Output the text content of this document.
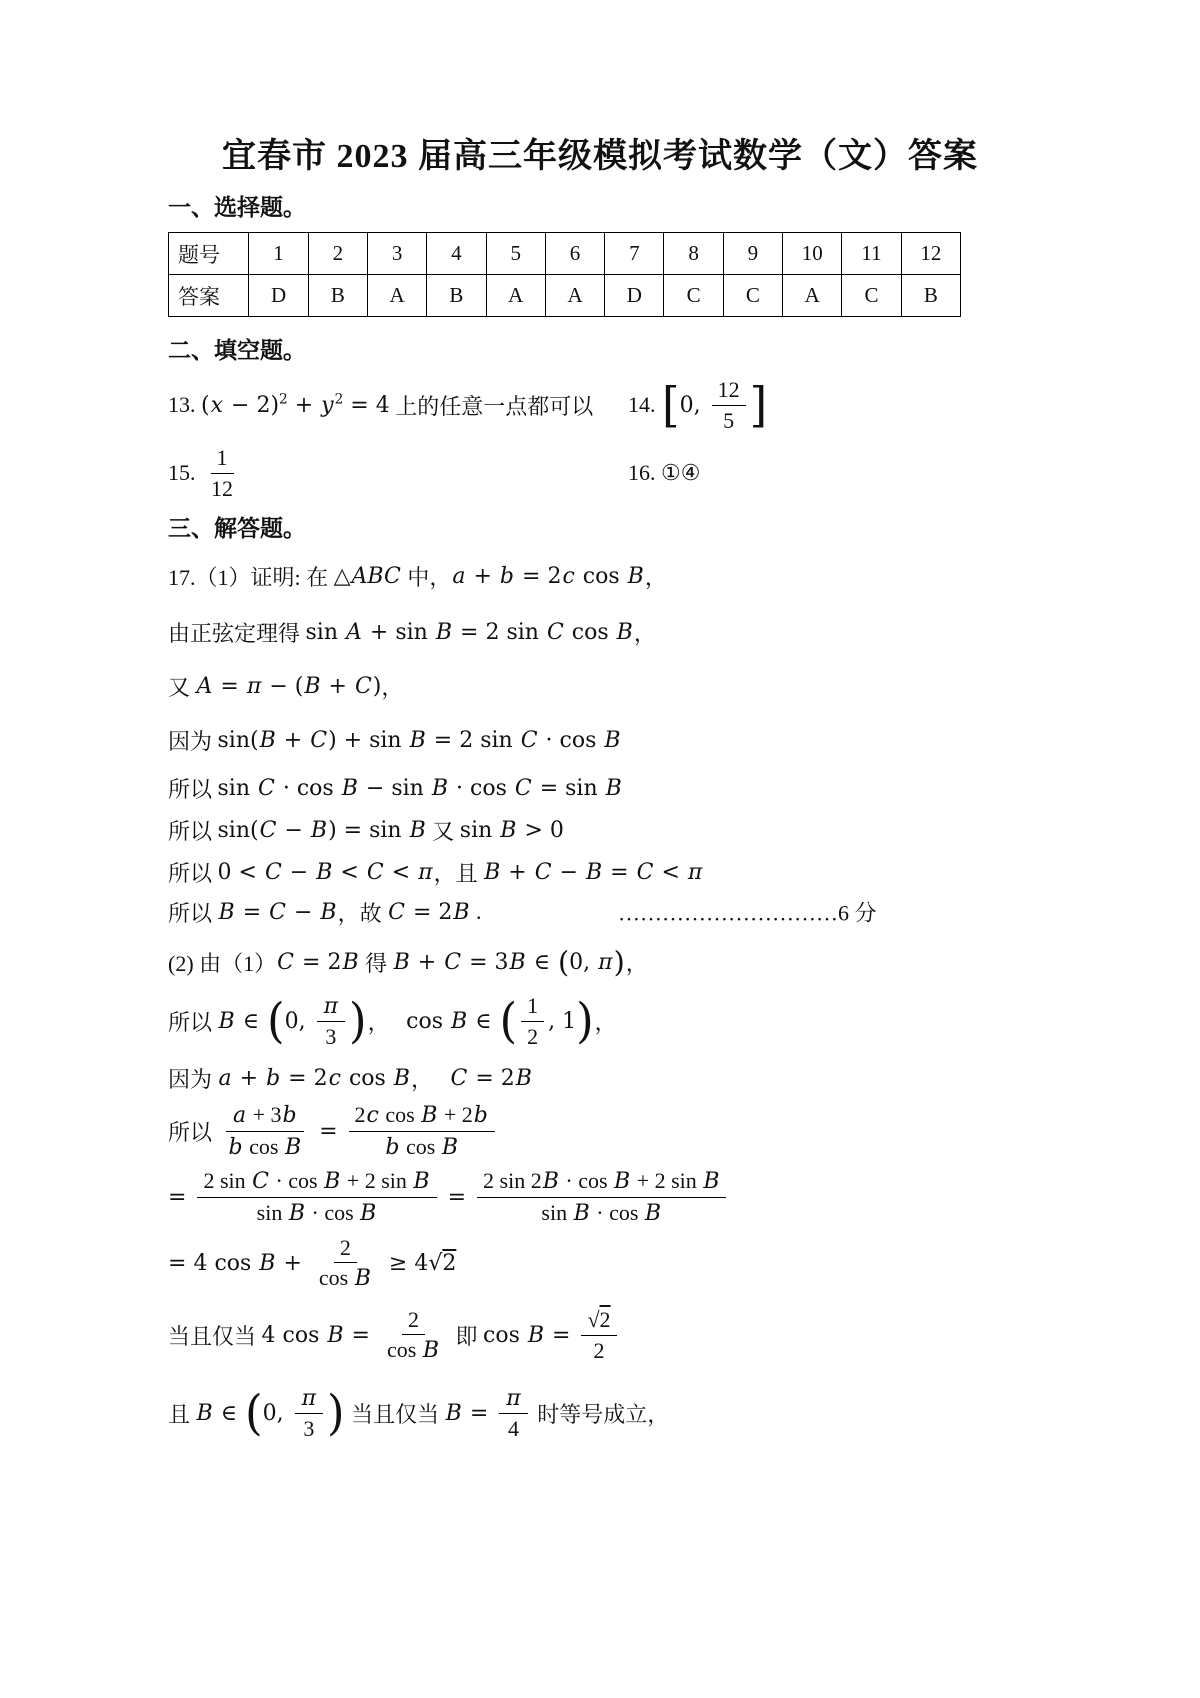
宜春市 2023 届高三年级模拟考试数学（文）答案
一、选择题。
题号	1	2	3	4	5	6	7	8	9	10	11	12
答案	D	B	A	B	A	A	D	C	C	A	C	B
二、填空题。
13. $(x - 2)^2 + y^2 = 4$ 上的任意一点都可以 14. [ 0, $\frac{12}{5}$ ]
15. $\frac{1}{12}$	16. ①④
三、解答题。
17.（1）证明: 在 △ABC 中， a + b = 2c cos B ，
由正弦定理得 sin A + sin B = 2 sin C cos B ，
又 A = π − (B + C) ，
因为 sin(B + C) + sin B = 2 sin C · cos B
所以 sin C · cos B − sin B · cos C = sin B
所以 sin(C − B) = sin B 又 sin B > 0
所以 0 < C − B < C < π ，且 B + C − B = C < π
所以 B = C − B ，故 C = 2B .	…………………………6 分
(2) 由（1） C = 2B 得 B + C = 3B ∈ ( 0, π ) ，
所以 B ∈ ( 0, $\frac{\pi}{3}$ ) ， cos B ∈ ( $\frac{1}{2}$ , 1 ) ，
因为 a + b = 2c cos B ， C = 2B
所以 $\frac{a + 3b}{\text{b cos B}} = \frac{\text{2c cos B + 2b}}{\text{b cos B}}$
= $\frac{\text{2 sin C · cos B + 2 sin B}}{\text{sin B · cos B}} = \frac{\text{2 sin 2B · cos B + 2 sin B}}{\text{sin B · cos B}}$
= 4 $\cos B + \frac{2}{\text{cos B}} \ge 4√2$
当且仅当 4 $\cos B = \frac{2}{\text{cos B}}$ 即 $\cos B = \frac{√2}{2}$
且 B ∈ ( 0, $\frac{\pi}{3}$ ) 当且仅当 $B = \frac{\pi}{4}$ 时等号成立，
